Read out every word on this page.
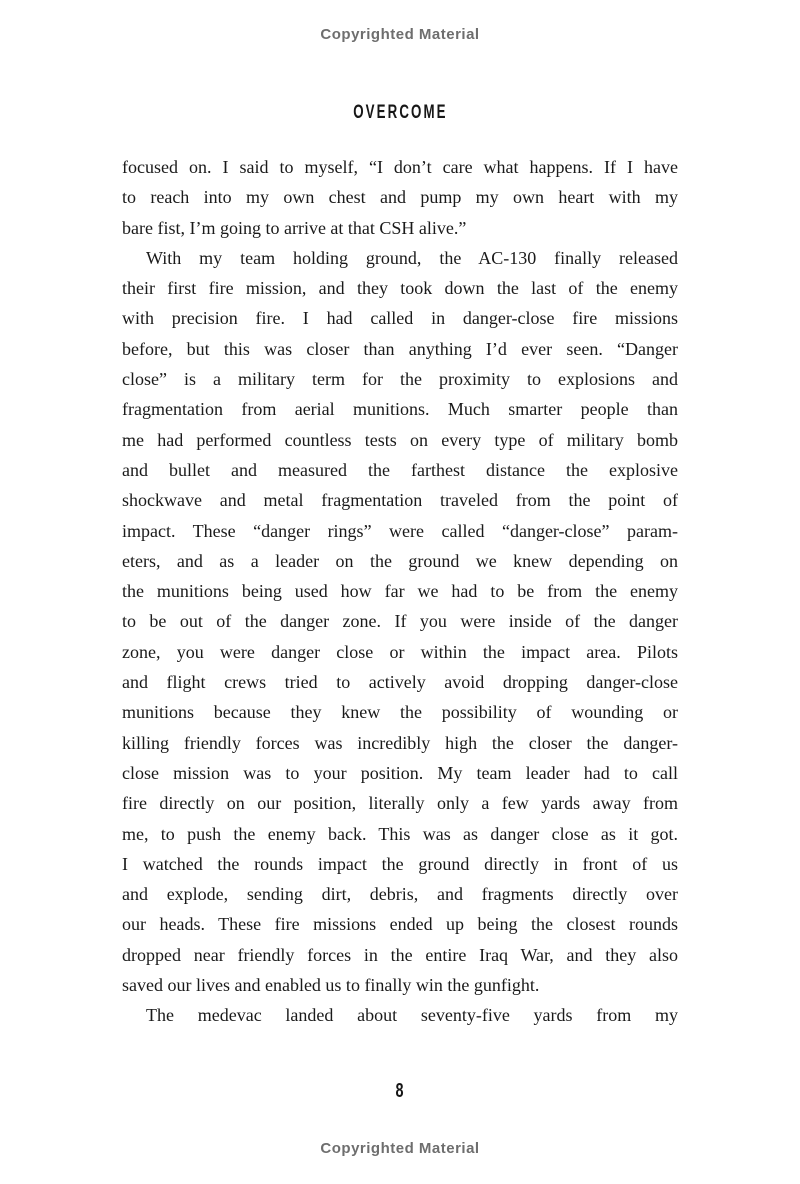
Copyrighted Material
OVERCOME
focused on. I said to myself, “I don’t care what happens. If I have
to reach into my own chest and pump my own heart with my
bare fist, I’m going to arrive at that CSH alive.”
With my team holding ground, the AC-130 finally released
their first fire mission, and they took down the last of the enemy
with precision fire. I had called in danger-close fire missions
before, but this was closer than anything I’d ever seen. “Danger
close” is a military term for the proximity to explosions and
fragmentation from aerial munitions. Much smarter people than
me had performed countless tests on every type of military bomb
and bullet and measured the farthest distance the explosive
shockwave and metal fragmentation traveled from the point of
impact. These “danger rings” were called “danger-close” param-
eters, and as a leader on the ground we knew depending on
the munitions being used how far we had to be from the enemy
to be out of the danger zone. If you were inside of the danger
zone, you were danger close or within the impact area. Pilots
and flight crews tried to actively avoid dropping danger-close
munitions because they knew the possibility of wounding or
killing friendly forces was incredibly high the closer the danger-
close mission was to your position. My team leader had to call
fire directly on our position, literally only a few yards away from
me, to push the enemy back. This was as danger close as it got.
I watched the rounds impact the ground directly in front of us
and explode, sending dirt, debris, and fragments directly over
our heads. These fire missions ended up being the closest rounds
dropped near friendly forces in the entire Iraq War, and they also
saved our lives and enabled us to finally win the gunfight.
The medevac landed about seventy-five yards from my
8
Copyrighted Material
